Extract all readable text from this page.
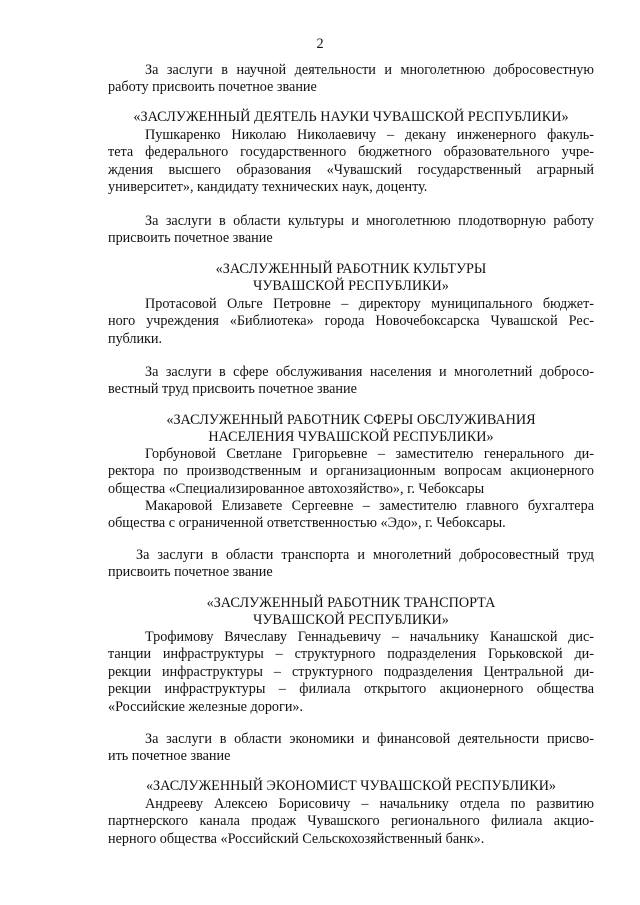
2
За заслуги в научной деятельности и многолетнюю добросовестную
работу присвоить почетное звание
«ЗАСЛУЖЕННЫЙ ДЕЯТЕЛЬ НАУКИ ЧУВАШСКОЙ РЕСПУБЛИКИ»
Пушкаренко Николаю Николаевичу – декану инженерного факуль-
тета федерального государственного бюджетного образовательного учре-
ждения высшего образования «Чувашский государственный аграрный
университет», кандидату технических наук, доценту.
За заслуги в области культуры и многолетнюю плодотворную работу
присвоить почетное звание
«ЗАСЛУЖЕННЫЙ РАБОТНИК КУЛЬТУРЫ
ЧУВАШСКОЙ РЕСПУБЛИКИ»
Протасовой Ольге Петровне – директору муниципального бюджет-
ного учреждения «Библиотека» города Новочебоксарска Чувашской Рес-
публики.
За заслуги в сфере обслуживания населения и многолетний добросо-
вестный труд присвоить почетное звание
«ЗАСЛУЖЕННЫЙ РАБОТНИК СФЕРЫ ОБСЛУЖИВАНИЯ
НАСЕЛЕНИЯ ЧУВАШСКОЙ РЕСПУБЛИКИ»
Горбуновой Светлане Григорьевне – заместителю генерального ди-
ректора по производственным и организационным вопросам акционерного
общества «Специализированное автохозяйство», г. Чебоксары
Макаровой Елизавете Сергеевне – заместителю главного бухгалтера
общества с ограниченной ответственностью «Эдо», г. Чебоксары.
За заслуги в области транспорта и многолетний добросовестный труд
присвоить почетное звание
«ЗАСЛУЖЕННЫЙ РАБОТНИК ТРАНСПОРТА
ЧУВАШСКОЙ РЕСПУБЛИКИ»
Трофимову Вячеславу Геннадьевичу – начальнику Канашской дис-
танции инфраструктуры – структурного подразделения Горьковской ди-
рекции инфраструктуры – структурного подразделения Центральной ди-
рекции инфраструктуры – филиала открытого акционерного общества
«Российские железные дороги».
За заслуги в области экономики и финансовой деятельности присво-
ить почетное звание
«ЗАСЛУЖЕННЫЙ ЭКОНОМИСТ ЧУВАШСКОЙ РЕСПУБЛИКИ»
Андрееву Алексею Борисовичу – начальнику отдела по развитию
партнерского канала продаж Чувашского регионального филиала акцио-
нерного общества «Российский Сельскохозяйственный банк».
